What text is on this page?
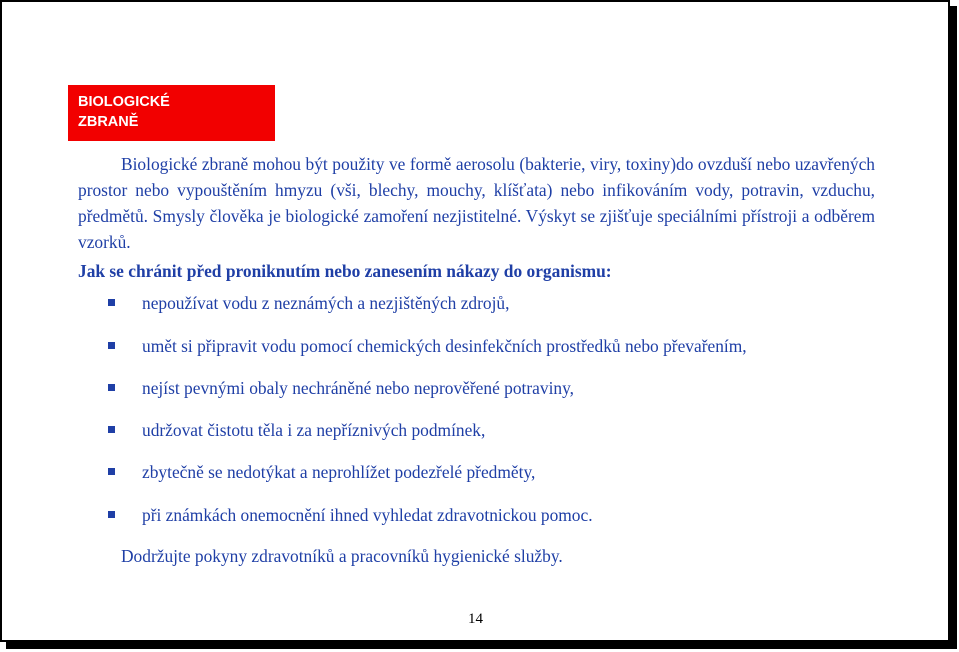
BIOLOGICKÉ
ZBRANĚ
Biologické zbraně mohou být použity ve formě aerosolu (bakterie, viry, toxiny)do ovzduší nebo uzavřených prostor nebo vypouštěním hmyzu (vši, blechy, mouchy, klíšťata) nebo infikováním vody, potravin, vzduchu, předmětů. Smysly člověka je biologické zamoření nezjistitelné. Výskyt se zjišťuje speciálními přístroji a odběrem vzorků.
Jak se chránit před proniknutím nebo zanesením nákazy do organismu:
nepoužívat vodu z neznámých a nezjištěných zdrojů,
umět si připravit vodu pomocí chemických desinfekčních prostředků nebo převařením,
nejíst pevnými obaly nechráněné nebo neprověřené potraviny,
udržovat čistotu těla i za nepříznivých podmínek,
zbytečně se nedotýkat a neprohlížet podezřelé předměty,
při známkách onemocnění ihned vyhledat zdravotnickou pomoc.
Dodržujte pokyny zdravotníků a pracovníků hygienické služby.
14
